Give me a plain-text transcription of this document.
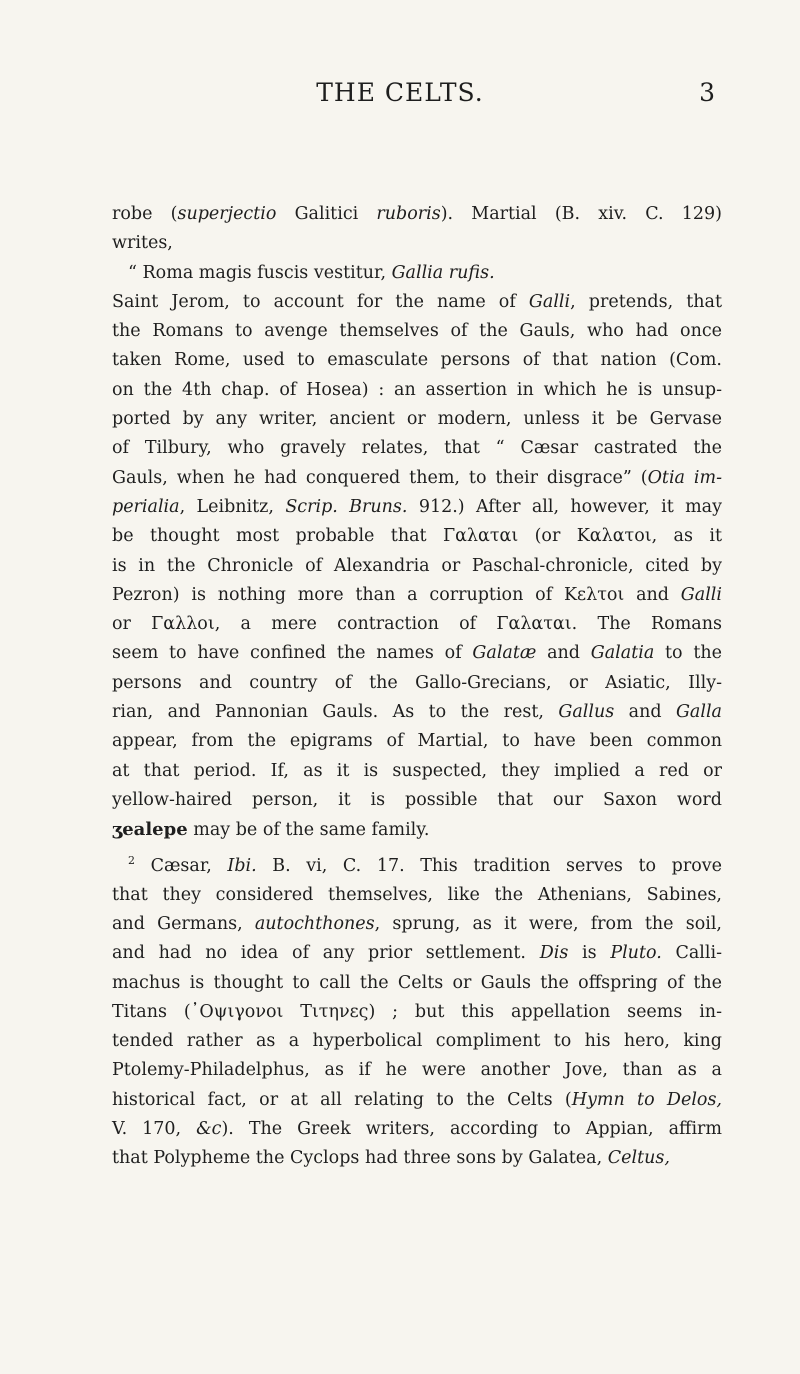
THE CELTS.	3
robe (superjectio Galitici ruboris). Martial (B. xiv. C. 129)
writes,
“ Roma magis fuscis vestitur, Gallia rufis.
Saint Jerom, to account for the name of Galli, pretends, that
the Romans to avenge themselves of the Gauls, who had once
taken Rome, used to emasculate persons of that nation (Com.
on the 4th chap. of Hosea) : an assertion in which he is unsup-
ported by any writer, ancient or modern, unless it be Gervase
of Tilbury, who gravely relates, that “ Cæsar castrated the
Gauls, when he had conquered them, to their disgrace” (Otia im-
perialia, Leibnitz, Scrip. Bruns. 912.) After all, however, it may
be thought most probable that Γαλαται (or Καλατοι, as it
is in the Chronicle of Alexandria or Paschal-chronicle, cited by
Pezron) is nothing more than a corruption of Κελτοι and Galli
or Γαλλοι, a mere contraction of Γαλαται. The Romans
seem to have confined the names of Galatæ and Galatia to the
persons and country of the Gallo-Grecians, or Asiatic, Illy-
rian, and Pannonian Gauls. As to the rest, Gallus and Galla
appear, from the epigrams of Martial, to have been common
at that period. If, as it is suspected, they implied a red or
yellow-haired person, it is possible that our Saxon word
ʒealepe may be of the same family.
$^2$ Cæsar, Ibi. B. vi, C. 17. This tradition serves to prove
that they considered themselves, like the Athenians, Sabines,
and Germans, autochthones, sprung, as it were, from the soil,
and had no idea of any prior settlement. Dis is Pluto. Calli-
machus is thought to call the Celts or Gauls the offspring of the
Titans (᾿Οψιγονοι Τιτηνες) ; but this appellation seems in-
tended rather as a hyperbolical compliment to his hero, king
Ptolemy-Philadelphus, as if he were another Jove, than as a
historical fact, or at all relating to the Celts (Hymn to Delos,
V. 170, &c). The Greek writers, according to Appian, affirm
that Polypheme the Cyclops had three sons by Galatea, Celtus,
